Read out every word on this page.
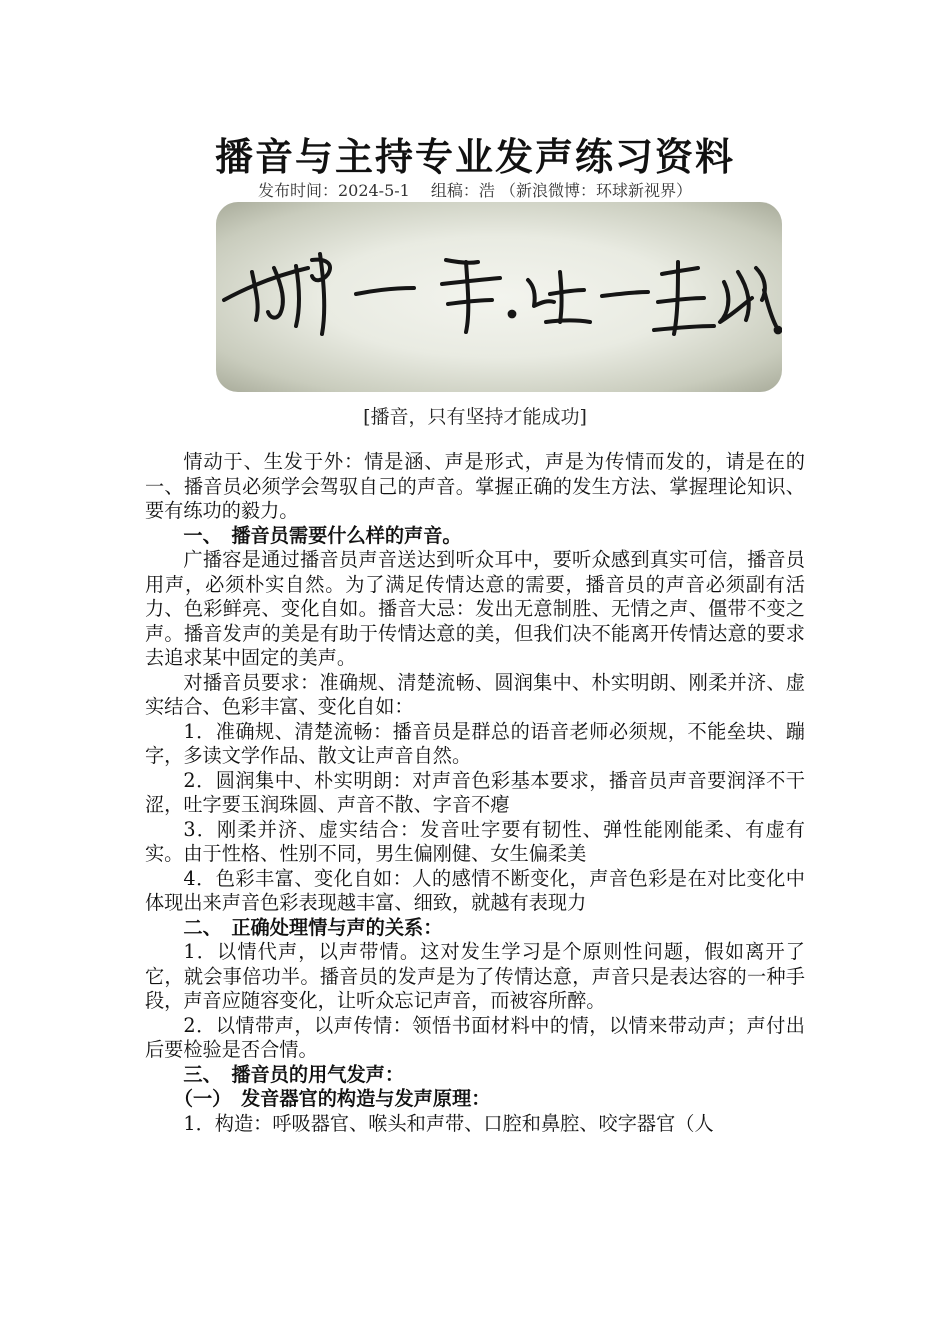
播音与主持专业发声练习资料
发布时间：2024-5-1　 组稿：浩 （新浪微博：环球新视界）
[播音，只有坚持才能成功]

情动于、生发于外：情是涵、声是形式，声是为传情而发的，请是在的一、播音员必须学会驾驭自己的声音。掌握正确的发生方法、掌握理论知识、要有练功的毅力。

一、　播音员需要什么样的声音。

广播容是通过播音员声音送达到听众耳中，要听众感到真实可信，播音员用声，必须朴实自然。为了满足传情达意的需要，播音员的声音必须副有活力、色彩鲜亮、变化自如。播音大忌：发出无意制胜、无情之声、僵带不变之声。播音发声的美是有助于传情达意的美，但我们决不能离开传情达意的要求去追求某中固定的美声。

对播音员要求：准确规、清楚流畅、圆润集中、朴实明朗、刚柔并济、虚实结合、色彩丰富、变化自如：

1．准确规、清楚流畅：播音员是群总的语音老师必须规，不能垒块、蹦字，多读文学作品、散文让声音自然。

2．圆润集中、朴实明朗：对声音色彩基本要求，播音员声音要润泽不干涩，吐字要玉润珠圆、声音不散、字音不瘪

3．刚柔并济、虚实结合：发音吐字要有韧性、弹性能刚能柔、有虚有实。由于性格、性别不同，男生偏刚健、女生偏柔美

4．色彩丰富、变化自如：人的感情不断变化，声音色彩是在对比变化中体现出来声音色彩表现越丰富、细致，就越有表现力

二、　正确处理情与声的关系：

1．以情代声，以声带情。这对发生学习是个原则性问题，假如离开了它，就会事倍功半。播音员的发声是为了传情达意，声音只是表达容的一种手段，声音应随容变化，让听众忘记声音，而被容所醉。

2．以情带声，以声传情：领悟书面材料中的情，以情来带动声；声付出后要检验是否合情。

三、　播音员的用气发声：
（一）　发音器官的构造与发声原理：

1．构造：呼吸器官、喉头和声带、口腔和鼻腔、咬字器官（人
